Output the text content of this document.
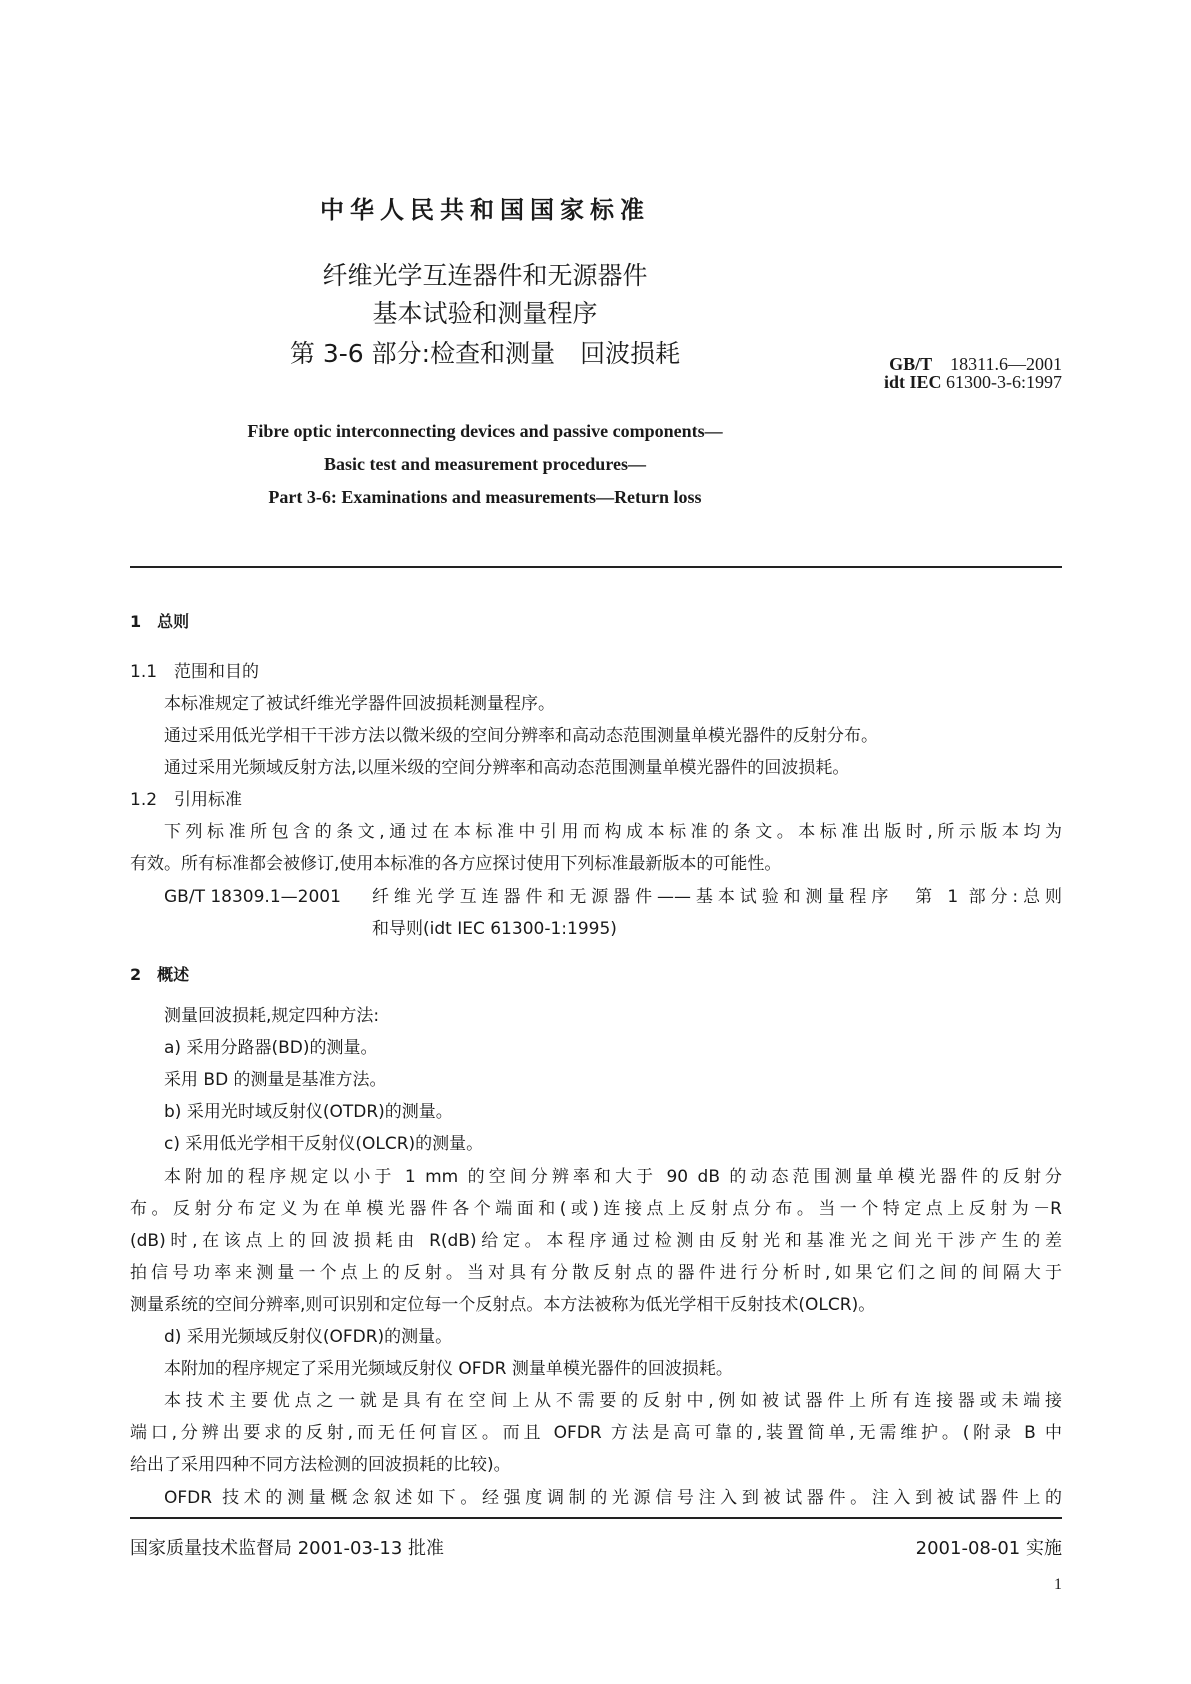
中华人民共和国国家标准
纤维光学互连器件和无源器件
基本试验和测量程序
第 3-6 部分:检查和测量　回波损耗	GB/T　 18311.6—2001
idt IEC 61300-3-6:1997
Fibre optic interconnecting devices and passive components—
Basic test and measurement procedures—
Part 3-6: Examinations and measurements—Return loss
1　总则
1.1　范围和目的
本标准规定了被试纤维光学器件回波损耗测量程序。
通过采用低光学相干干涉方法以微米级的空间分辨率和高动态范围测量单模光器件的反射分布。
通过采用光频域反射方法,以厘米级的空间分辨率和高动态范围测量单模光器件的回波损耗。
1.2　引用标准
下列标准所包含的条文,通过在本标准中引用而构成本标准的条文。本标准出版时,所示版本均为
有效。所有标准都会被修订,使用本标准的各方应探讨使用下列标准最新版本的可能性。
GB/T 18309.1—2001 纤维光学互连器件和无源器件——基本试验和测量程序　第 1 部分:总则
和导则(idt IEC 61300-1:1995)
2　概述
测量回波损耗,规定四种方法:
a) 采用分路器(BD)的测量。
采用 BD 的测量是基准方法。
b) 采用光时域反射仪(OTDR)的测量。
c) 采用低光学相干反射仪(OLCR)的测量。
本附加的程序规定以小于 1 mm 的空间分辨率和大于 90 dB 的动态范围测量单模光器件的反射分
布。反射分布定义为在单模光器件各个端面和(或)连接点上反射点分布。当一个特定点上反射为－R
(dB)时,在该点上的回波损耗由 R(dB)给定。本程序通过检测由反射光和基准光之间光干涉产生的差
拍信号功率来测量一个点上的反射。当对具有分散反射点的器件进行分析时,如果它们之间的间隔大于
测量系统的空间分辨率,则可识别和定位每一个反射点。本方法被称为低光学相干反射技术(OLCR)。
d) 采用光频域反射仪(OFDR)的测量。
本附加的程序规定了采用光频域反射仪 OFDR 测量单模光器件的回波损耗。
本技术主要优点之一就是具有在空间上从不需要的反射中,例如被试器件上所有连接器或未端接
端口,分辨出要求的反射,而无任何盲区。而且 OFDR 方法是高可靠的,装置简单,无需维护。(附录 B 中
给出了采用四种不同方法检测的回波损耗的比较)。
OFDR 技术的测量概念叙述如下。经强度调制的光源信号注入到被试器件。注入到被试器件上的
国家质量技术监督局 2001-03-13 批准	2001-08-01 实施
1
